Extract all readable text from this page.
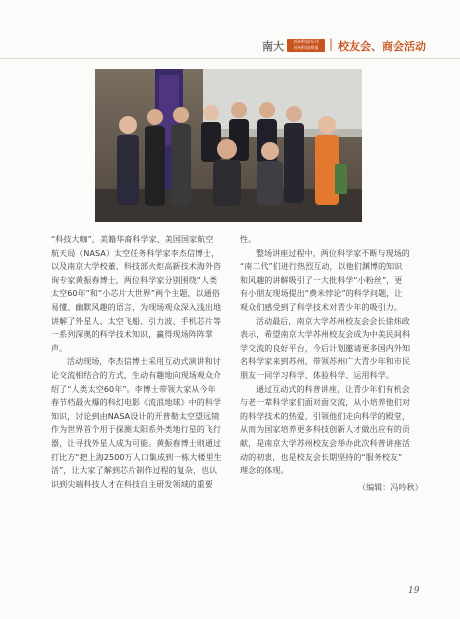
南大	苏州科技专刊
苏州科技简报 | 校友会、商会活动

“科技大咖”，美籍华裔科学家、美国国家航空

航天局（NASA）太空任务科学家李杰信博士，

以及南京大学校董、科技部火炬高新技术海外咨

询专家黄振春博士，两位科学家分别围绕“人类

太空60年”和“小芯片大世界”两个主题，以通俗

易懂、幽默风趣的语言，为现场观众深入浅出地

讲解了外星人、太空飞船、引力波、手机芯片等

一系列深奥的科学技术知识，赢得现场阵阵掌

声。

活动现场，李杰信博士采用互动式演讲和讨

论交流相结合的方式，生动有趣地向现场观众介

绍了“人类太空60年”。李博士带领大家从今年

春节档最火爆的科幻电影《流浪地球》中的科学

知识，讨论到由NASA设计的开普勒太空望远镜

作为世界首个用于探测太阳系外类地行星的飞行

器，让寻找外星人成为可能。黄振春博士则通过

打比方“把上海2500万人口集成到一栋大楼里生

活”，让大家了解到芯片制作过程的复杂，也认

识到尖端科技人才在科技自主研发领域的重要

性。

整场讲座过程中，两位科学家不断与现场的

“南二代”们进行热烈互动，以他们渊博的知识

和风趣的讲解吸引了一大批科学“小粉丝”，更

有小朋友现场提出“费米悖论”的科学问题，让

观众们感受到了科学技术对青少年的吸引力。

活动最后，南京大学苏州校友会会长徐炜政

表示，希望南京大学苏州校友会成为中美民间科

学交流的良好平台，今后计划邀请更多国内外知

名科学家来到苏州，带领苏州广大青少年和市民

朋友一同学习科学、体验科学、运用科学。

通过互动式的科普讲座，让青少年们有机会

与老一辈科学家们面对面交流，从小培养他们对

的科学技术的热爱，引领他们走向科学的殿堂，

从而为国家培养更多科技创新人才做出应有的贡

献，是南京大学苏州校友会举办此次科普讲座活

动的初衷，也是校友会长期坚持的“服务校友”

理念的体现。

（编辑：冯吟秋）

19
